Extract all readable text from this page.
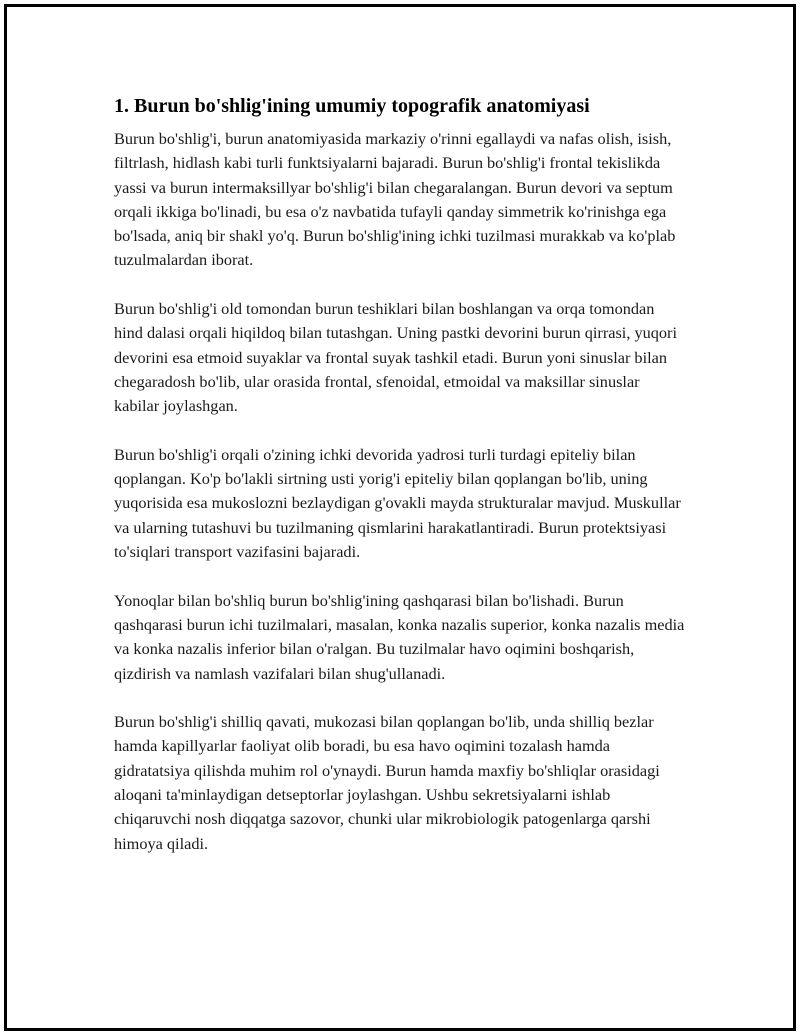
1. Burun bo'shlig'ining umumiy topografik anatomiyasi

Burun bo'shlig'i, burun anatomiyasida markaziy o'rinni egallaydi va nafas olish, isish, filtrlash, hidlash kabi turli funktsiyalarni bajaradi. Burun bo'shlig'i frontal tekislikda yassi va burun intermaksillyar bo'shlig'i bilan chegaralangan. Burun devori va septum orqali ikkiga bo'linadi, bu esa o'z navbatida tufayli qanday simmetrik ko'rinishga ega bo'lsada, aniq bir shakl yo'q. Burun bo'shlig'ining ichki tuzilmasi murakkab va ko'plab tuzulmalardan iborat.

Burun bo'shlig'i old tomondan burun teshiklari bilan boshlangan va orqa tomondan hind dalasi orqali hiqildoq bilan tutashgan. Uning pastki devorini burun qirrasi, yuqori devorini esa etmoid suyaklar va frontal suyak tashkil etadi. Burun yoni sinuslar bilan chegaradosh bo'lib, ular orasida frontal, sfenoidal, etmoidal va maksillar sinuslar kabilar joylashgan.

Burun bo'shlig'i orqali o'zining ichki devorida yadrosi turli turdagi epiteliy bilan qoplangan. Ko'p bo'lakli sirtning usti yorig'i epiteliy bilan qoplangan bo'lib, uning yuqorisida esa mukoslozni bezlaydigan g'ovakli mayda strukturalar mavjud. Muskullar va ularning tutashuvi bu tuzilmaning qismlarini harakatlantiradi. Burun protektsiyasi to'siqlari transport vazifasini bajaradi.

Yonoqlar bilan bo'shliq burun bo'shlig'ining qashqarasi bilan bo'lishadi. Burun qashqarasi burun ichi tuzilmalari, masalan, konka nazalis superior, konka nazalis media va konka nazalis inferior bilan o'ralgan. Bu tuzilmalar havo oqimini boshqarish, qizdirish va namlash vazifalari bilan shug'ullanadi.

Burun bo'shlig'i shilliq qavati, mukozasi bilan qoplangan bo'lib, unda shilliq bezlar hamda kapillyarlar faoliyat olib boradi, bu esa havo oqimini tozalash hamda gidratatsiya qilishda muhim rol o'ynaydi. Burun hamda maxfiy bo'shliqlar orasidagi aloqani ta'minlaydigan detseptorlar joylashgan. Ushbu sekretsiyalarni ishlab chiqaruvchi nosh diqqatga sazovor, chunki ular mikrobiologik patogenlarga qarshi himoya qiladi.
